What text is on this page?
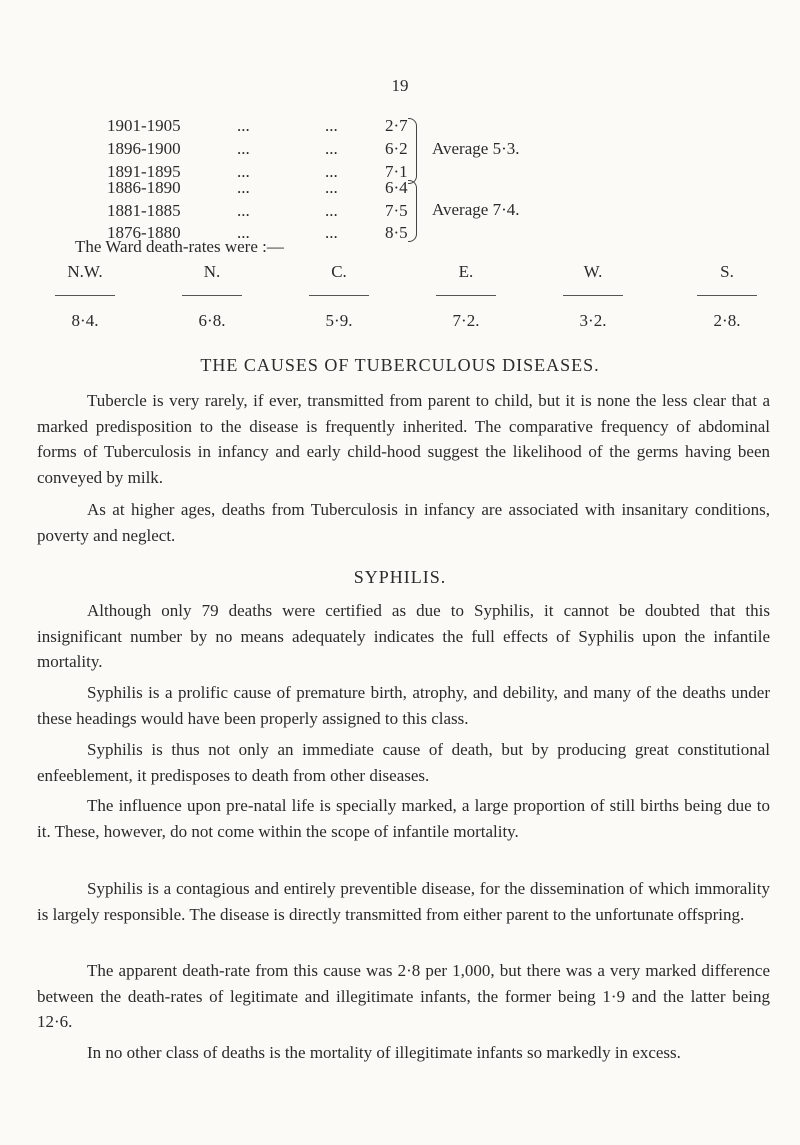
19
1901-1905	...	...	2·7
1896-1900	...	...	6·2
1891-1895	...	...	7·1
Average 5·3.
1886-1890	...	...	6·4
1881-1885	...	...	7·5
1876-1880	...	...	8·5
Average 7·4.
The Ward death-rates were :—
N.W.	N.	C.	E.	W.	S.
8·4.	6·8.	5·9.	7·2.	3·2.	2·8.
THE CAUSES OF TUBERCULOUS DISEASES.

Tubercle is very rarely, if ever, transmitted from parent to child, but it is none the less clear that a marked predisposition to the disease is frequently inherited. The comparative frequency of abdominal forms of Tuberculosis in infancy and early child-hood suggest the likelihood of the germs having been conveyed by milk.

As at higher ages, deaths from Tuberculosis in infancy are associated with insanitary conditions, poverty and neglect.

SYPHILIS.

Although only 79 deaths were certified as due to Syphilis, it cannot be doubted that this insignificant number by no means adequately indicates the full effects of Syphilis upon the infantile mortality.

Syphilis is a prolific cause of premature birth, atrophy, and debility, and many of the deaths under these headings would have been properly assigned to this class.

Syphilis is thus not only an immediate cause of death, but by producing great constitutional enfeeblement, it predisposes to death from other diseases.

The influence upon pre-natal life is specially marked, a large proportion of still births being due to it. These, however, do not come within the scope of infantile mortality.

Syphilis is a contagious and entirely preventible disease, for the dissemination of which immorality is largely responsible. The disease is directly transmitted from either parent to the unfortunate offspring.

The apparent death-rate from this cause was 2·8 per 1,000, but there was a very marked difference between the death-rates of legitimate and illegitimate infants, the former being 1·9 and the latter being 12·6.

In no other class of deaths is the mortality of illegitimate infants so markedly in excess.
